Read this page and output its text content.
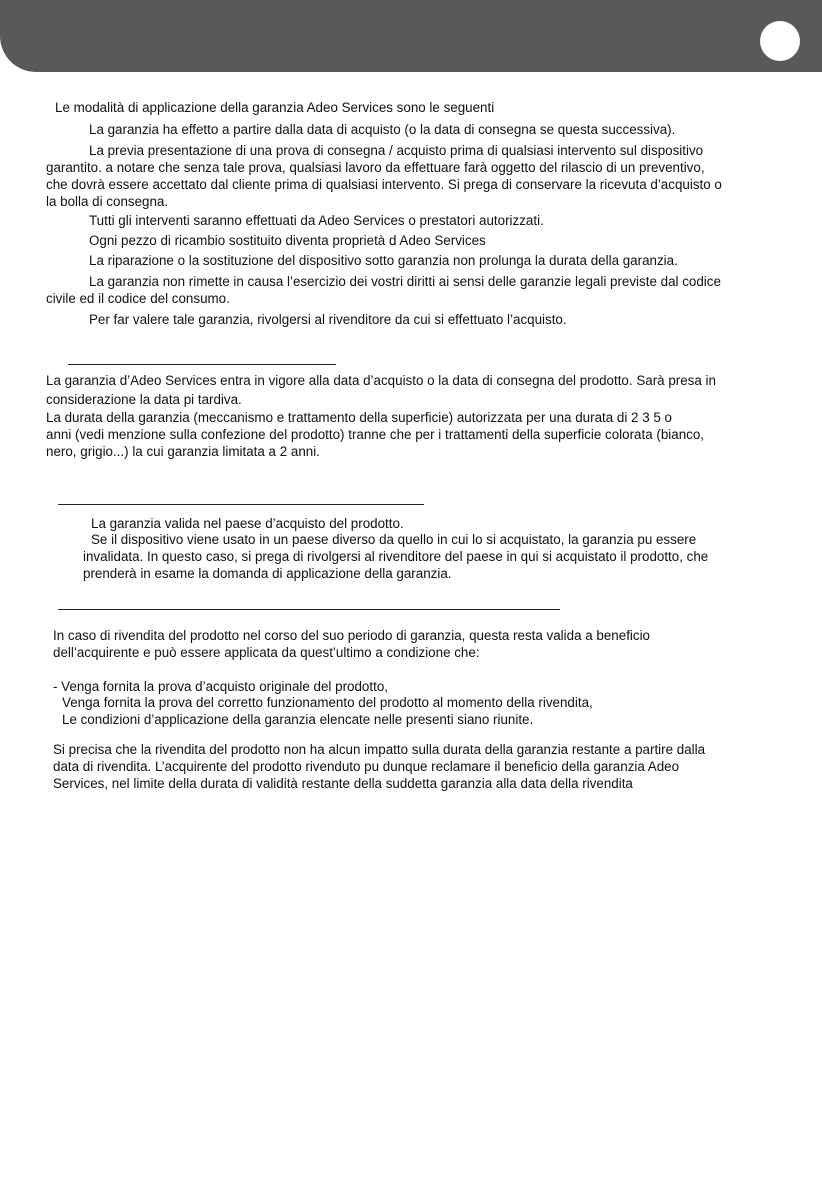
Le modalità di applicazione della garanzia Adeo Services sono le seguenti

La garanzia ha effetto a partire dalla data di acquisto (o la data di consegna se questa successiva).

La previa presentazione di una prova di consegna / acquisto prima di qualsiasi intervento sul dispositivo

garantito. a notare che senza tale prova, qualsiasi lavoro da effettuare farà oggetto del rilascio di un preventivo,

che dovrà essere accettato dal cliente prima di qualsiasi intervento. Si prega di conservare la ricevuta d’acquisto o

la bolla di consegna.

Tutti gli interventi saranno effettuati da Adeo Services o prestatori autorizzati.

Ogni pezzo di ricambio sostituito diventa proprietà d Adeo Services

La riparazione o la sostituzione del dispositivo sotto garanzia non prolunga la durata della garanzia.

La garanzia non rimette in causa l’esercizio dei vostri diritti ai sensi delle garanzie legali previste dal codice

civile ed il codice del consumo.

Per far valere tale garanzia, rivolgersi al rivenditore da cui si effettuato l’acquisto.

La garanzia d’Adeo Services entra in vigore alla data d’acquisto o la data di consegna del prodotto. Sarà presa in

considerazione la data pi tardiva.

La durata della garanzia (meccanismo e trattamento della superficie) autorizzata per una durata di 2 3 5 o

anni (vedi menzione sulla confezione del prodotto) tranne che per i trattamenti della superficie colorata (bianco,

nero, grigio...) la cui garanzia limitata a 2 anni.

La garanzia valida nel paese d’acquisto del prodotto.

Se il dispositivo viene usato in un paese diverso da quello in cui lo si acquistato, la garanzia pu essere

invalidata. In questo caso, si prega di rivolgersi al rivenditore del paese in qui si acquistato il prodotto, che

prenderà in esame la domanda di applicazione della garanzia.

In caso di rivendita del prodotto nel corso del suo periodo di garanzia, questa resta valida a beneficio

dell’acquirente e può essere applicata da quest’ultimo a condizione che:

- Venga fornita la prova d’acquisto originale del prodotto,

Venga fornita la prova del corretto funzionamento del prodotto al momento della rivendita,

Le condizioni d’applicazione della garanzia elencate nelle presenti siano riunite.

Si precisa che la rivendita del prodotto non ha alcun impatto sulla durata della garanzia restante a partire dalla

data di rivendita. L’acquirente del prodotto rivenduto pu dunque reclamare il beneficio della garanzia Adeo

Services, nel limite della durata di validità restante della suddetta garanzia alla data della rivendita
